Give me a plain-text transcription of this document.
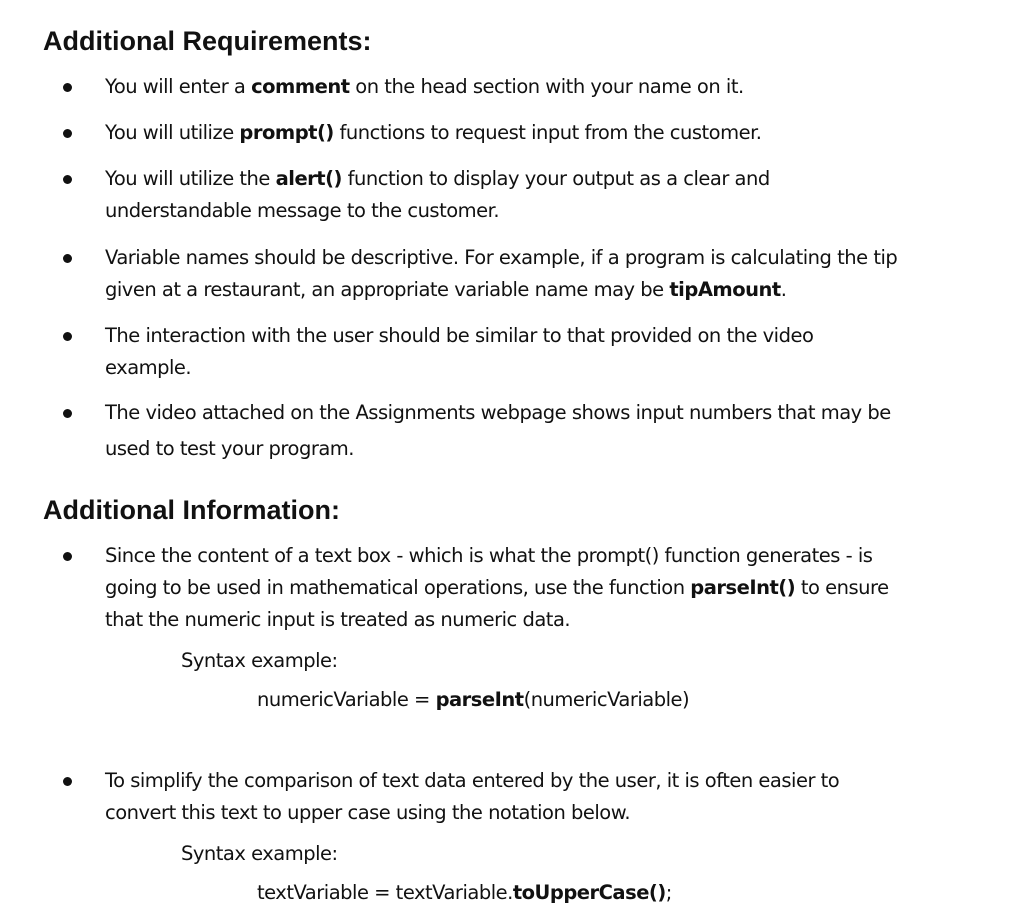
Additional Requirements:
You will enter a comment on the head section with your name on it.
You will utilize prompt() functions to request input from the customer.
You will utilize the alert() function to display your output as a clear and
understandable message to the customer.
Variable names should be descriptive. For example, if a program is calculating the tip
given at a restaurant, an appropriate variable name may be tipAmount.
The interaction with the user should be similar to that provided on the video
example.
The video attached on the Assignments webpage shows input numbers that may be
used to test your program.
Additional Information:
Since the content of a text box - which is what the prompt() function generates - is
going to be used in mathematical operations, use the function parseInt() to ensure
that the numeric input is treated as numeric data.
Syntax example:
numericVariable = parseInt(numericVariable)
To simplify the comparison of text data entered by the user, it is often easier to
convert this text to upper case using the notation below.
Syntax example:
textVariable = textVariable.toUpperCase();
